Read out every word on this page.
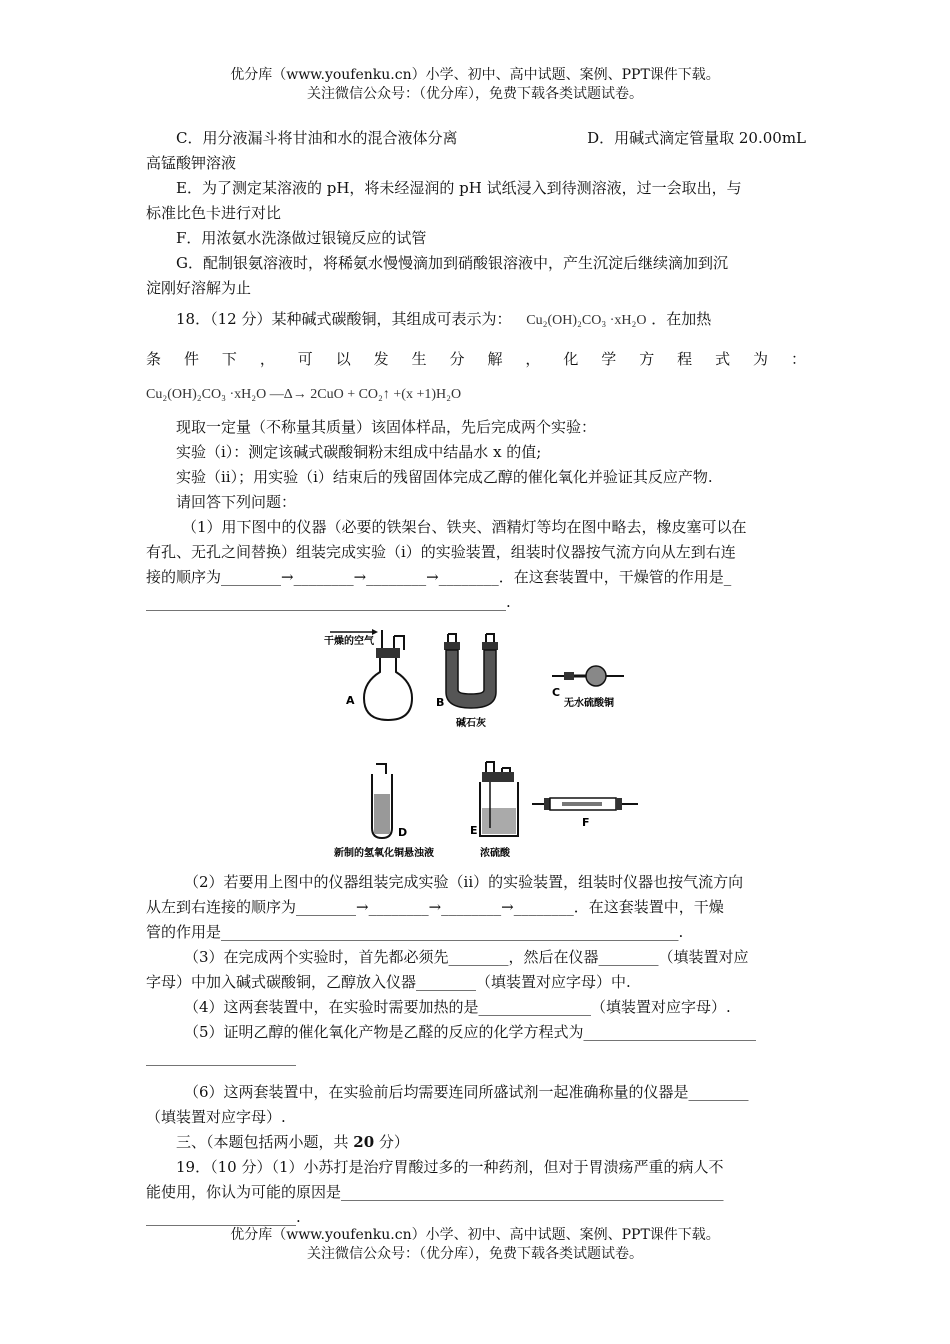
优分库（www.youfenku.cn）小学、初中、高中试题、案例、PPT课件下载。
关注微信公众号：（优分库），免费下载各类试题试卷。
C．用分液漏斗将甘油和水的混合液体分离	D．用碱式滴定管量取 20.00mL
高锰酸钾溶液
E．为了测定某溶液的 pH，将未经湿润的 pH 试纸浸入到待测溶液，过一会取出，与
标准比色卡进行对比
F．用浓氨水洗涤做过银镜反应的试管
G．配制银氨溶液时，将稀氨水慢慢滴加到硝酸银溶液中，产生沉淀后继续滴加到沉
淀刚好溶解为止
18．（12 分）某种碱式碳酸铜，其组成可表示为： Cu₂(OH)₂CO₃ ·xH₂O ．在加热
条 件 下 ， 可 以 发 生 分 解 ， 化 学 方 程 式 为 ：
Cu₂(OH)₂CO₃ ·xH₂O —Δ→ 2CuO + CO₂↑ +(x +1)H₂O
现取一定量（不称量其质量）该固体样品，先后完成两个实验：
实验（i）：测定该碱式碳酸铜粉末组成中结晶水 x 的值;
实验（ii）；用实验（i）结束后的残留固体完成乙醇的催化氧化并验证其反应产物.
请回答下列问题：
（1）用下图中的仪器（必要的铁架台、铁夹、酒精灯等均在图中略去，橡皮塞可以在
有孔、无孔之间替换）组装完成实验（i）的实验装置，组装时仪器按气流方向从左到右连
接的顺序为________→________→________→________．在这套装置中，干燥管的作用是_
________________________________________________.
干燥的空气
A	B
碱石灰
C
无水硫酸铜
D
新制的氢氧化铜悬浊液
E
浓硫酸
F
（2）若要用上图中的仪器组装完成实验（ii）的实验装置，组装时仪器也按气流方向
从左到右连接的顺序为________→________→________→________．在这套装置中，干燥
管的作用是_____________________________________________________________.
（3）在完成两个实验时，首先都必须先________，然后在仪器________（填装置对应
字母）中加入碱式碳酸铜，乙醇放入仪器________（填装置对应字母）中.
（4）这两套装置中，在实验时需要加热的是_______________（填装置对应字母）.
（5）证明乙醇的催化氧化产物是乙醛的反应的化学方程式为_______________________
____________________
（6）这两套装置中，在实验前后均需要连同所盛试剂一起准确称量的仪器是________
（填装置对应字母）.
三、（本题包括两小题，共 20 分）
19．（10 分）（1）小苏打是治疗胃酸过多的一种药剂，但对于胃溃疡严重的病人不
能使用，你认为可能的原因是___________________________________________________
____________________.
优分库（www.youfenku.cn）小学、初中、高中试题、案例、PPT课件下载。
关注微信公众号：（优分库），免费下载各类试题试卷。
